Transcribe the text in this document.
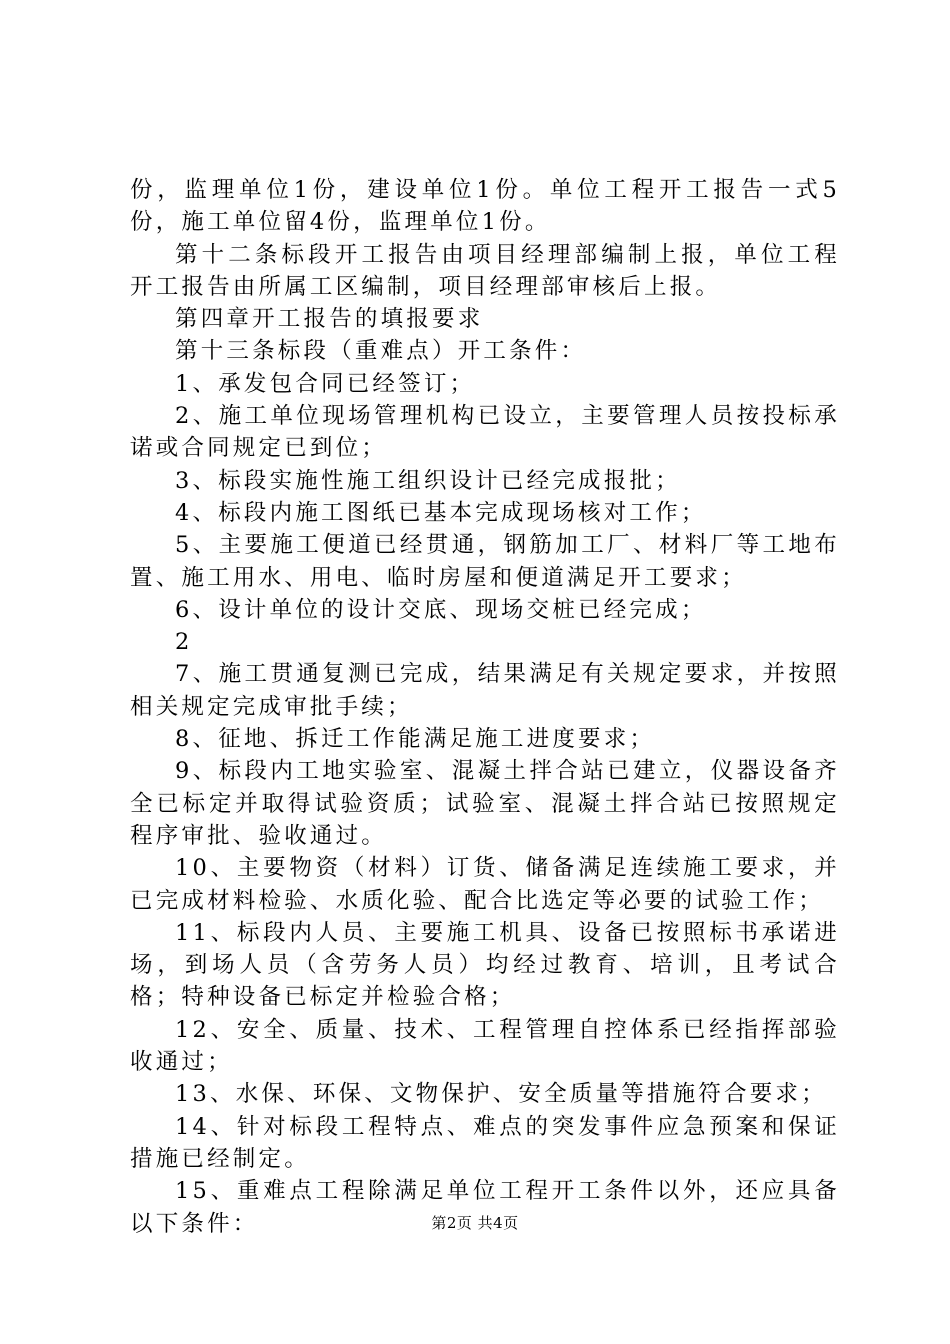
份，监理单位1份，建设单位1份。单位工程开工报告一式5份，施工单位留4份，监理单位1份。

第十二条标段开工报告由项目经理部编制上报，单位工程开工报告由所属工区编制，项目经理部审核后上报。

第四章开工报告的填报要求

第十三条标段（重难点）开工条件：

1、承发包合同已经签订；

2、施工单位现场管理机构已设立，主要管理人员按投标承诺或合同规定已到位；

3、标段实施性施工组织设计已经完成报批；

4、标段内施工图纸已基本完成现场核对工作；

5、主要施工便道已经贯通，钢筋加工厂、材料厂等工地布置、施工用水、用电、临时房屋和便道满足开工要求；

6、设计单位的设计交底、现场交桩已经完成；

2

7、施工贯通复测已完成，结果满足有关规定要求，并按照相关规定完成审批手续；

8、征地、拆迁工作能满足施工进度要求；

9、标段内工地实验室、混凝土拌合站已建立，仪器设备齐全已标定并取得试验资质；试验室、混凝土拌合站已按照规定程序审批、验收通过。

10、主要物资（材料）订货、储备满足连续施工要求，并已完成材料检验、水质化验、配合比选定等必要的试验工作；

11、标段内人员、主要施工机具、设备已按照标书承诺进场，到场人员（含劳务人员）均经过教育、培训，且考试合格；特种设备已标定并检验合格；

12、安全、质量、技术、工程管理自控体系已经指挥部验收通过；

13、水保、环保、文物保护、安全质量等措施符合要求；

14、针对标段工程特点、难点的突发事件应急预案和保证措施已经制定。

15、重难点工程除满足单位工程开工条件以外，还应具备以下条件：	第2页 共4页
